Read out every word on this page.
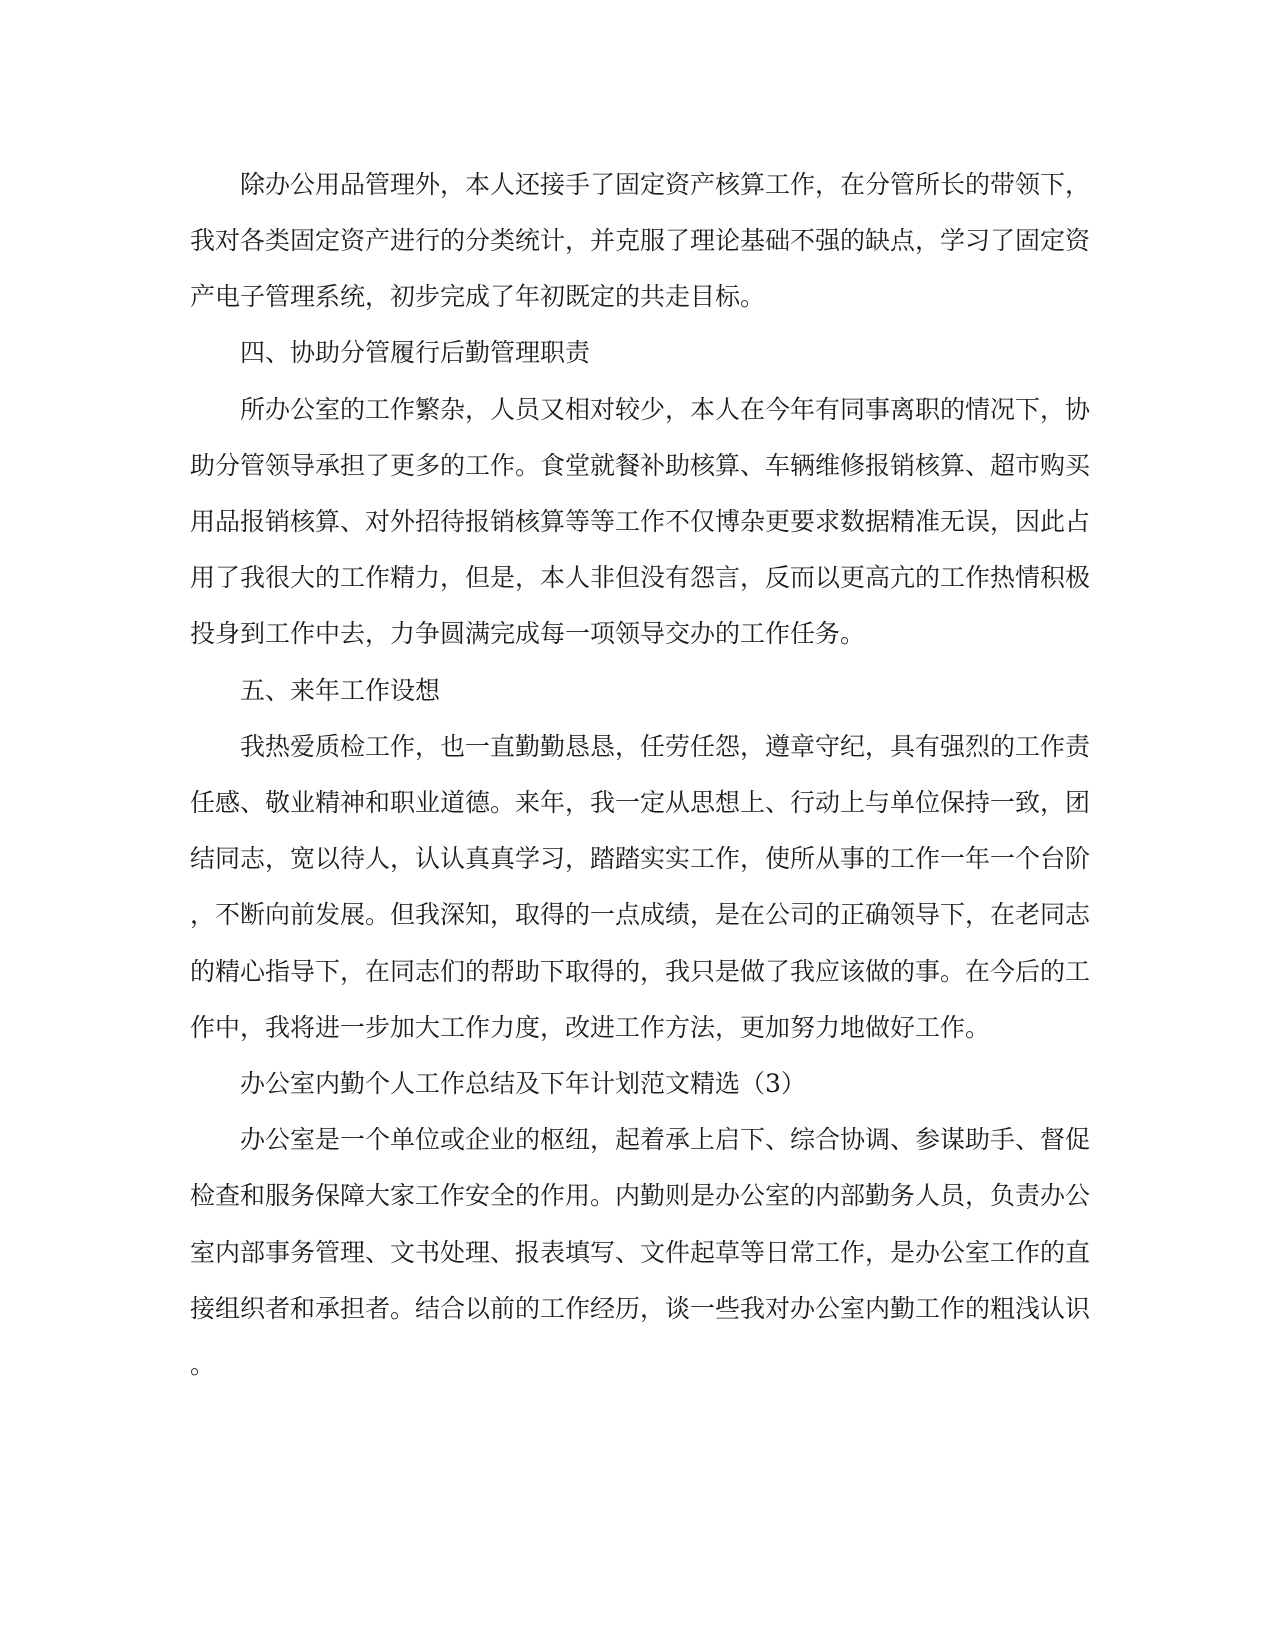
除办公用品管理外，本人还接手了固定资产核算工作，在分管所长的带领下，
我对各类固定资产进行的分类统计，并克服了理论基础不强的缺点，学习了固定资
产电子管理系统，初步完成了年初既定的共走目标。
四、协助分管履行后勤管理职责
所办公室的工作繁杂，人员又相对较少，本人在今年有同事离职的情况下，协
助分管领导承担了更多的工作。食堂就餐补助核算、车辆维修报销核算、超市购买
用品报销核算、对外招待报销核算等等工作不仅博杂更要求数据精准无误，因此占
用了我很大的工作精力，但是，本人非但没有怨言，反而以更高亢的工作热情积极
投身到工作中去，力争圆满完成每一项领导交办的工作任务。
五、来年工作设想
我热爱质检工作，也一直勤勤恳恳，任劳任怨，遵章守纪，具有强烈的工作责
任感、敬业精神和职业道德。来年，我一定从思想上、行动上与单位保持一致，团
结同志，宽以待人，认认真真学习，踏踏实实工作，使所从事的工作一年一个台阶
，不断向前发展。但我深知，取得的一点成绩，是在公司的正确领导下，在老同志
的精心指导下，在同志们的帮助下取得的，我只是做了我应该做的事。在今后的工
作中，我将进一步加大工作力度，改进工作方法，更加努力地做好工作。
办公室内勤个人工作总结及下年计划范文精选（3）
办公室是一个单位或企业的枢纽，起着承上启下、综合协调、参谋助手、督促
检查和服务保障大家工作安全的作用。内勤则是办公室的内部勤务人员，负责办公
室内部事务管理、文书处理、报表填写、文件起草等日常工作，是办公室工作的直
接组织者和承担者。结合以前的工作经历，谈一些我对办公室内勤工作的粗浅认识
。
